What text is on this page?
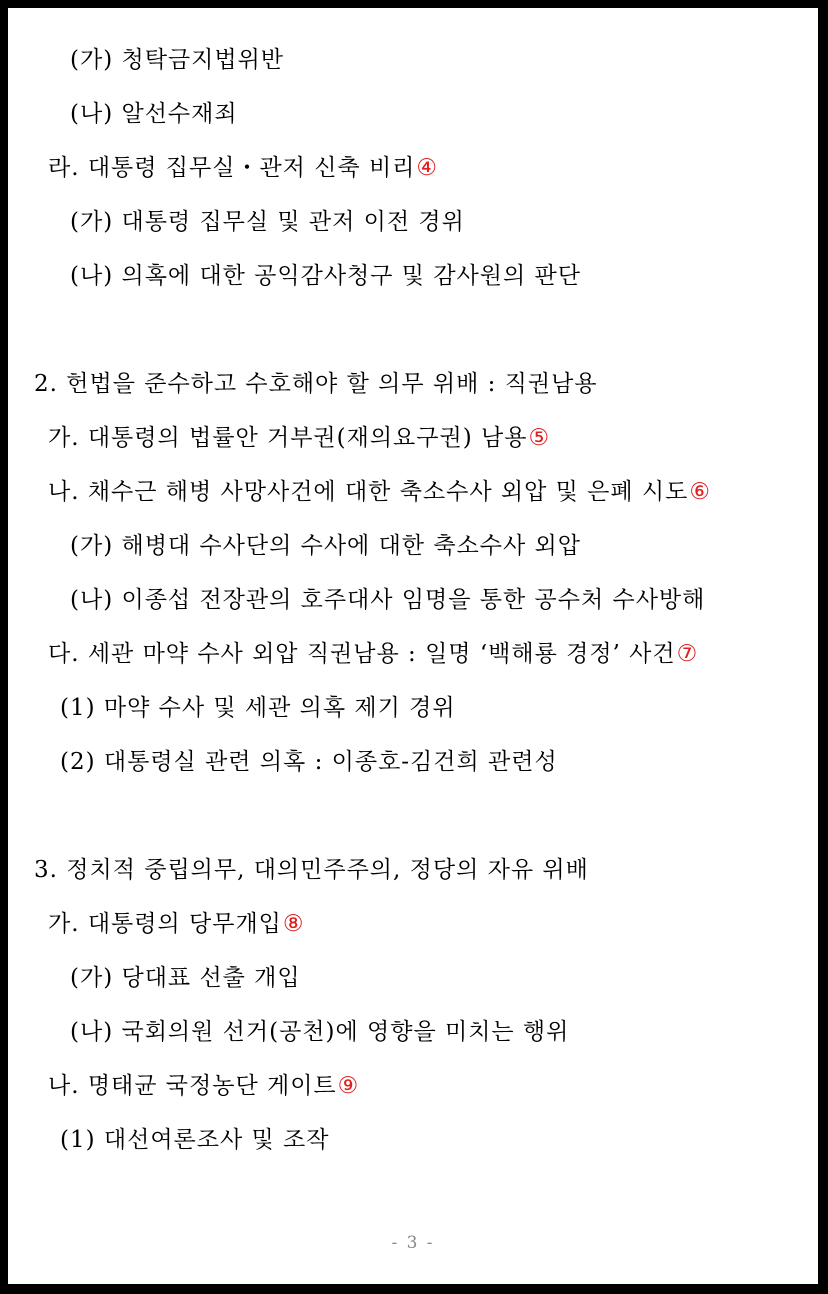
(가) 청탁금지법위반
(나) 알선수재죄
라. 대통령 집무실・관저 신축 비리④
(가) 대통령 집무실 및 관저 이전 경위
(나) 의혹에 대한 공익감사청구 및 감사원의 판단
2. 헌법을 준수하고 수호해야 할 의무 위배 : 직권남용
가. 대통령의 법률안 거부권(재의요구권) 남용⑤
나. 채수근 해병 사망사건에 대한 축소수사 외압 및 은폐 시도⑥
(가) 해병대 수사단의 수사에 대한 축소수사 외압
(나) 이종섭 전장관의 호주대사 임명을 통한 공수처 수사방해
다. 세관 마약 수사 외압 직권남용 : 일명 ‘백해룡 경정’ 사건⑦
(1) 마약 수사 및 세관 의혹 제기 경위
(2) 대통령실 관련 의혹 : 이종호-김건희 관련성
3. 정치적 중립의무, 대의민주주의, 정당의 자유 위배
가. 대통령의 당무개입⑧
(가) 당대표 선출 개입
(나) 국회의원 선거(공천)에 영향을 미치는 행위
나. 명태균 국정농단 게이트⑨
(1) 대선여론조사 및 조작
- 3 -
